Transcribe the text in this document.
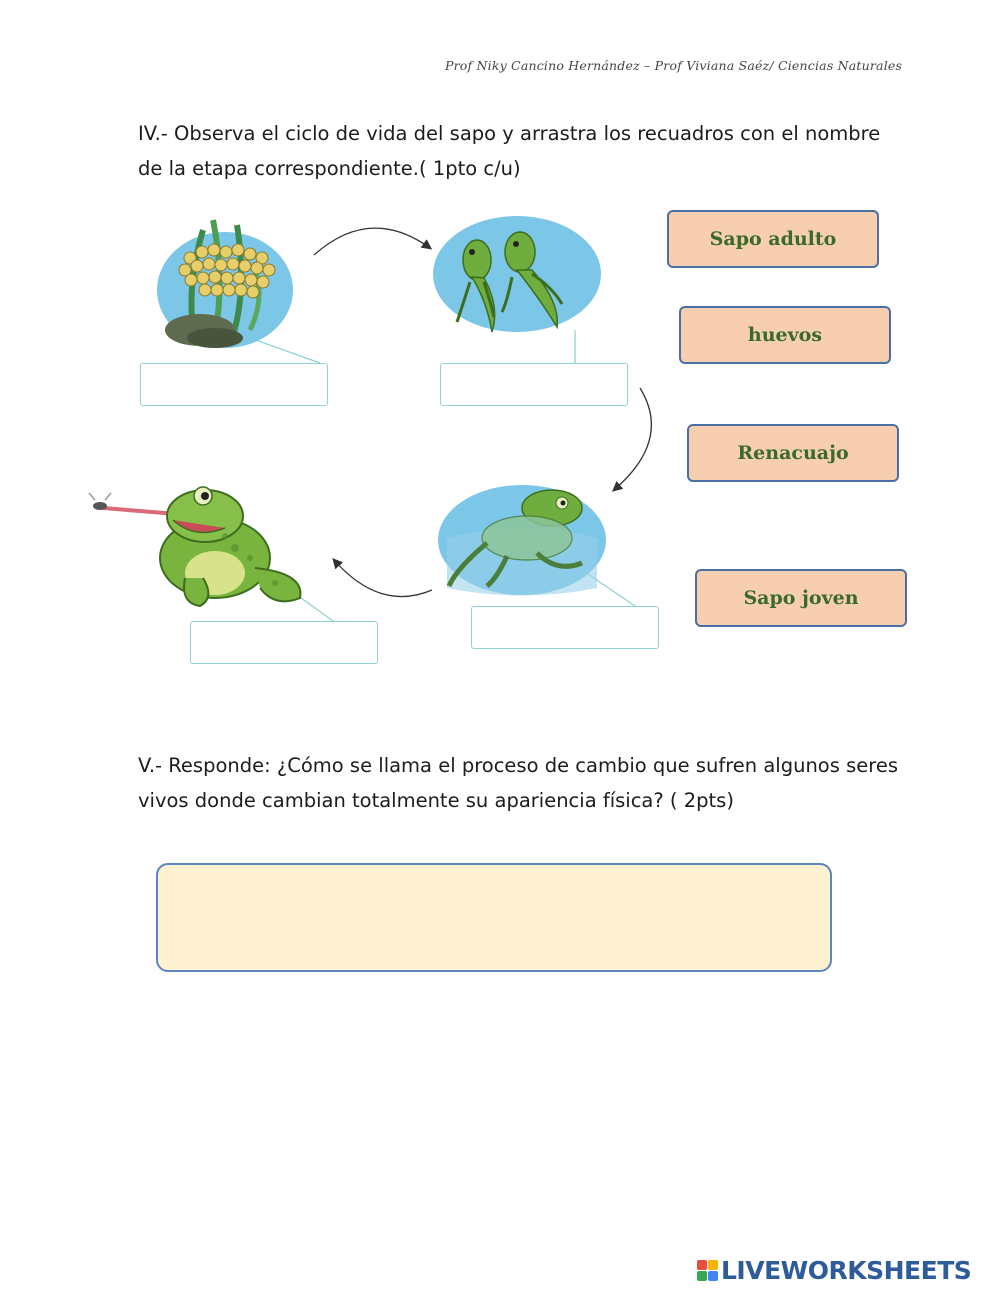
Prof Niky Cancino Hernández – Prof Viviana Saéz/ Ciencias Naturales
IV.- Observa el ciclo de vida del sapo y arrastra los recuadros con el nombre de la etapa correspondiente.( 1pto c/u)
Sapo adulto
huevos
Renacuajo
Sapo joven
V.- Responde: ¿Cómo se llama el proceso de cambio que sufren algunos seres vivos donde cambian totalmente su apariencia física? ( 2pts)
LIVEWORKSHEETS
